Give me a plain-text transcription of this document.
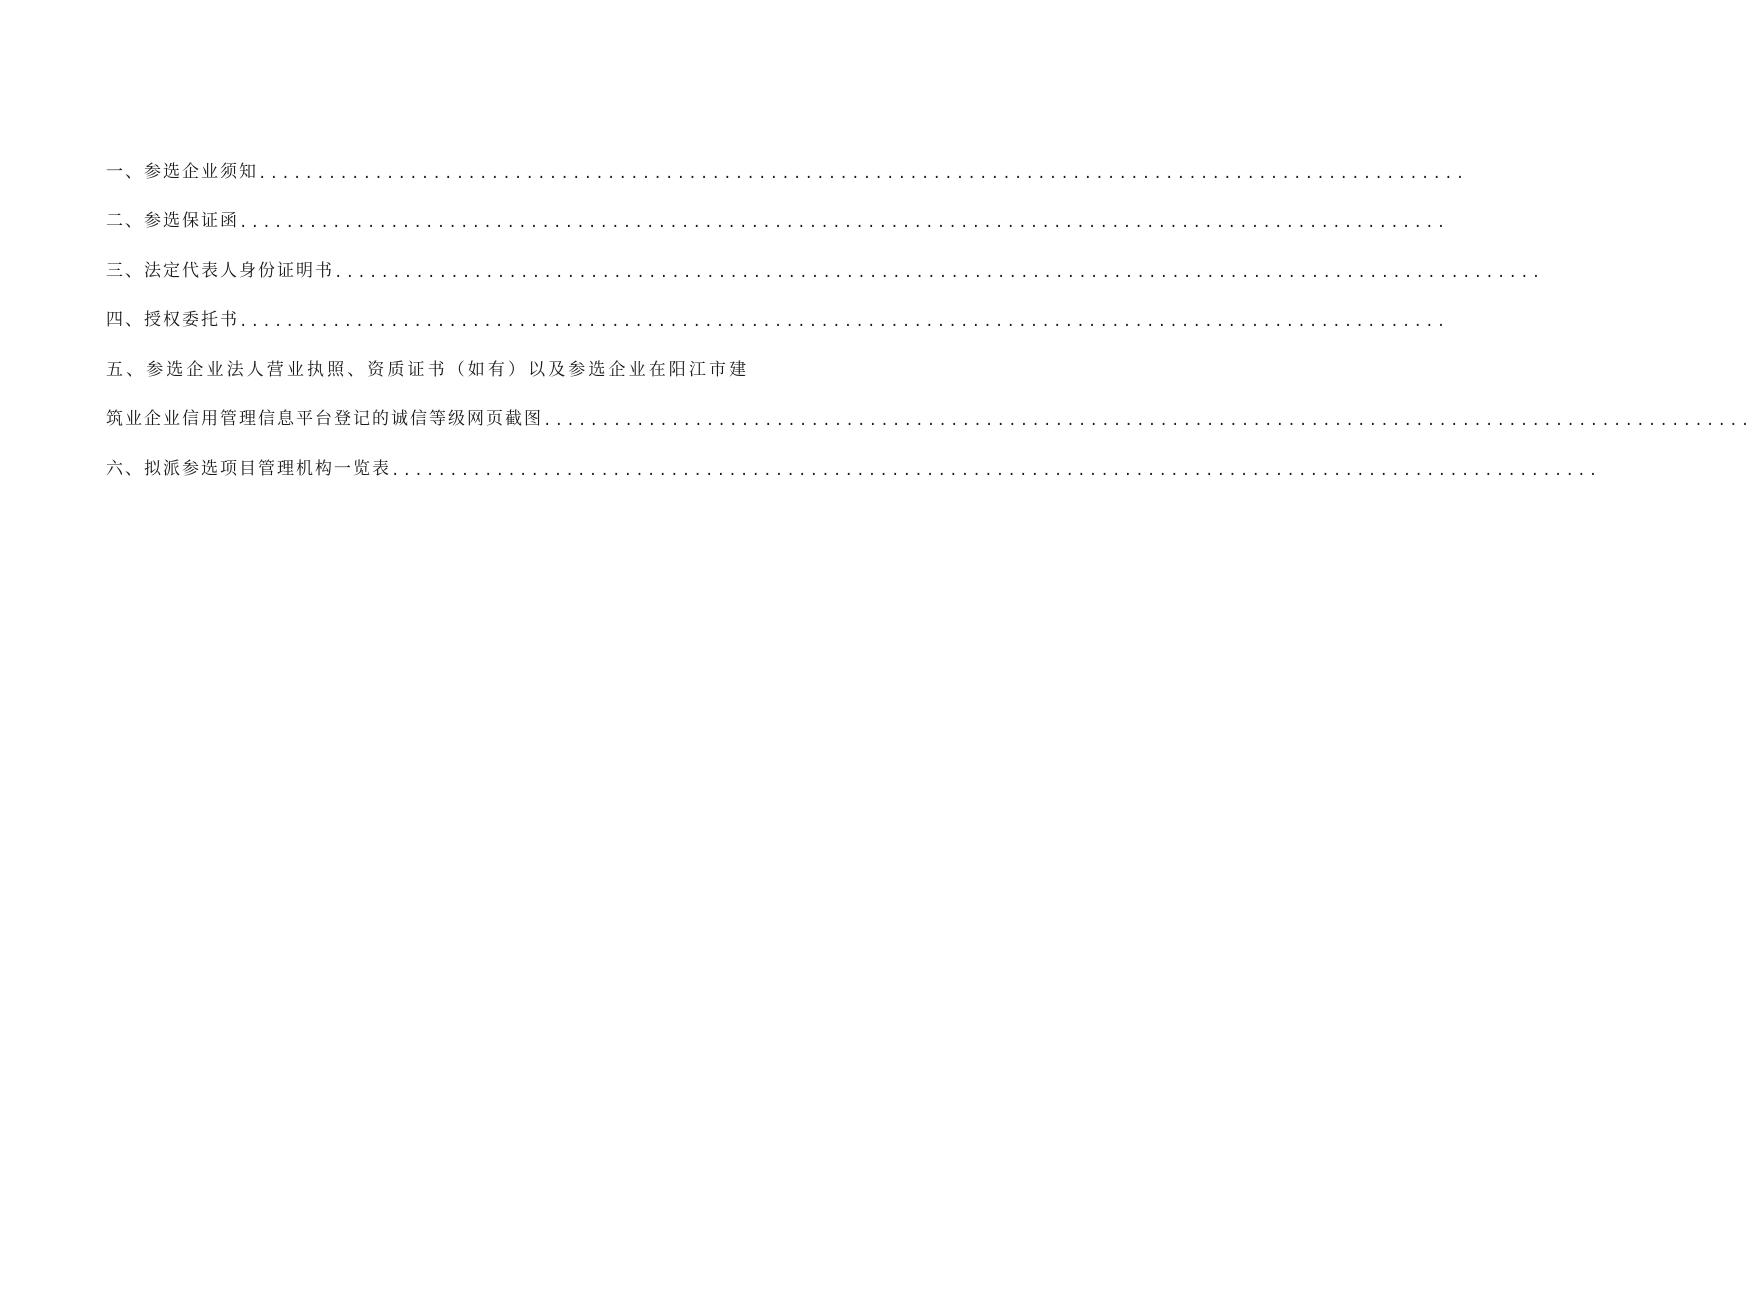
一、参选企业须知 ........................................................................................................
二、参选保证函 ........................................................................................................
三、法定代表人身份证明书 ........................................................................................................
四、授权委托书 ........................................................................................................
五、参选企业法人营业执照、资质证书（如有）以及参选企业在阳江市建
筑业企业信用管理信息平台登记的诚信等级网页截图 ........................................................................................................
六、拟派参选项目管理机构一览表 ........................................................................................................
